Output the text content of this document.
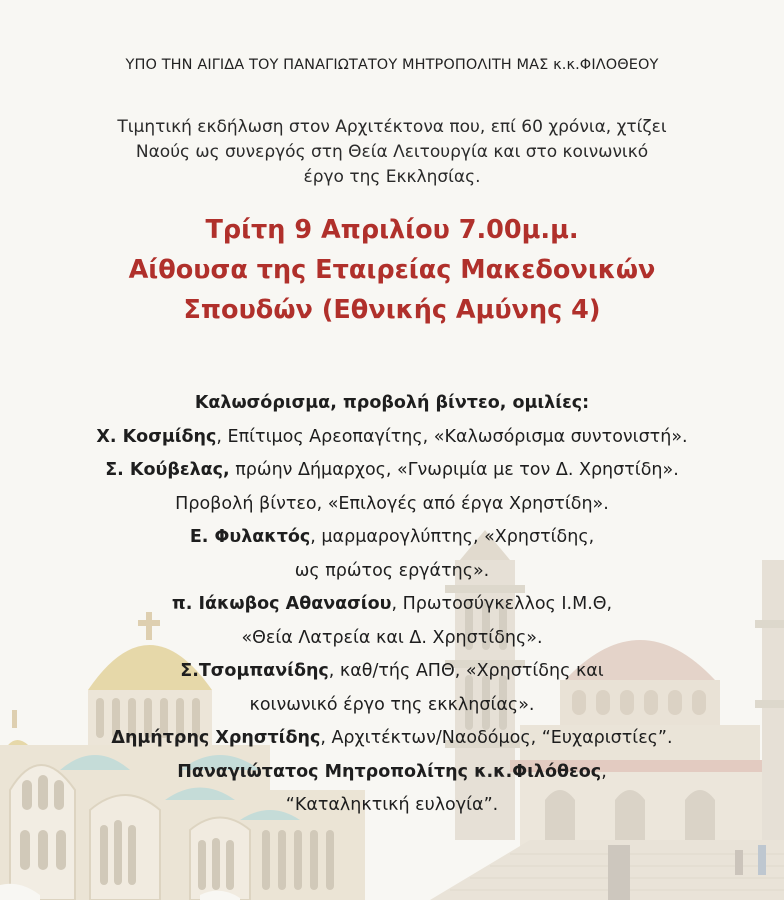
ΥΠΟ ΤΗΝ ΑΙΓΙΔΑ ΤΟΥ ΠΑΝΑΓΙΩΤΑΤΟΥ ΜΗΤΡΟΠΟΛΙΤΗ ΜΑΣ κ.κ.ΦΙΛΟΘΕΟΥ
Τιμητική εκδήλωση στον Αρχιτέκτονα που, επί 60 χρόνια, χτίζει
Ναούς ως συνεργός στη Θεία Λειτουργία και στο κοινωνικό
έργο της Εκκλησίας.
Τρίτη 9 Απριλίου 7.00μ.μ.
Αίθουσα της Εταιρείας Μακεδονικών
Σπουδών (Εθνικής Αμύνης 4)
Καλωσόρισμα, προβολή βίντεο, ομιλίες:
Χ. Κοσμίδης, Επίτιμος Αρεοπαγίτης, «Καλωσόρισμα συντονιστή».
Σ. Κούβελας, πρώην Δήμαρχος, «Γνωριμία με τον Δ. Χρηστίδη».
Προβολή βίντεο, «Επιλογές από έργα Χρηστίδη».
Ε. Φυλακτός, μαρμαρογλύπτης, «Χρηστίδης,
ως πρώτος εργάτης».
π. Ιάκωβος Αθανασίου, Πρωτοσύγκελλος Ι.Μ.Θ,
«Θεία Λατρεία και Δ. Χρηστίδης».
Σ.Τσομπανίδης, καθ/τής ΑΠΘ, «Χρηστίδης και
κοινωνικό έργο της εκκλησίας».
Δημήτρης Χρηστίδης, Αρχιτέκτων/Ναοδόμος, “Ευχαριστίες”.
Παναγιώτατος Μητροπολίτης κ.κ.Φιλόθεος,
“Καταληκτική ευλογία”.
